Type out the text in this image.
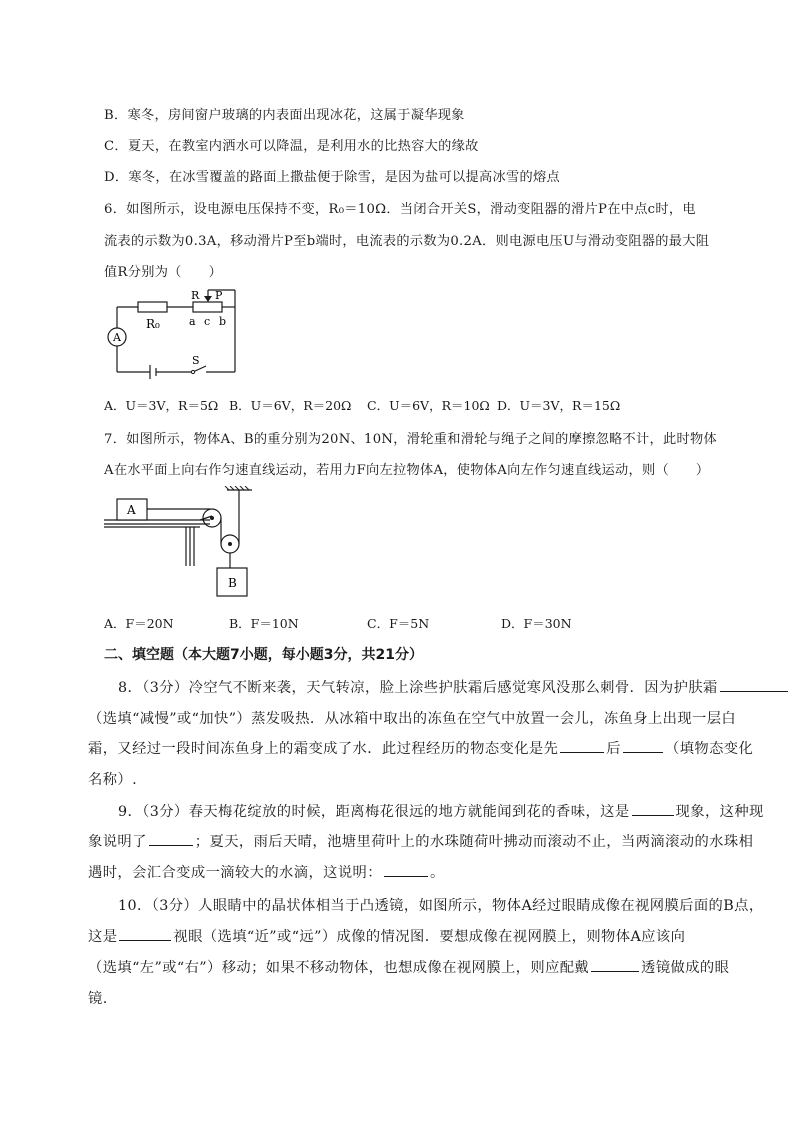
B．寒冬，房间窗户玻璃的内表面出现冰花，这属于凝华现象
C．夏天，在教室内洒水可以降温，是利用水的比热容大的缘故
D．寒冬，在冰雪覆盖的路面上撒盐便于除雪，是因为盐可以提高冰雪的熔点
6．如图所示，设电源电压保持不变，R₀＝10Ω．当闭合开关S，滑动变阻器的滑片P在中点c时，电
流表的示数为0.3A，移动滑片P至b端时，电流表的示数为0.2A．则电源电压U与滑动变阻器的最大阻
值R分别为（　　）
A
R₀
R P
a c b
S
A．U＝3V，R＝5Ω B．U＝6V，R＝20Ω C．U＝6V，R＝10Ω D．U＝3V，R＝15Ω
7．如图所示，物体A、B的重分别为20N、10N，滑轮重和滑轮与绳子之间的摩擦忽略不计，此时物体
A在水平面上向右作匀速直线运动，若用力F向左拉物体A，使物体A向左作匀速直线运动，则（　　）
A
B
A．F＝20N	B．F＝10N	C．F＝5N	D．F＝30N
二、填空题（本大题7小题，每小题3分，共21分）
8．（3分）冷空气不断来袭，天气转凉，脸上涂些护肤霜后感觉寒风没那么刺骨．因为护肤霜
（选填“减慢”或“加快”）蒸发吸热．从冰箱中取出的冻鱼在空气中放置一会儿，冻鱼身上出现一层白
霜，又经过一段时间冻鱼身上的霜变成了水．此过程经历的物态变化是先	后	（填物态变化
名称）.
9．（3分）春天梅花绽放的时候，距离梅花很远的地方就能闻到花的香味，这是	现象，这种现
象说明了	；夏天，雨后天晴，池塘里荷叶上的水珠随荷叶拂动而滚动不止，当两滴滚动的水珠相
遇时，会汇合变成一滴较大的水滴，这说明：	。
10．（3分）人眼睛中的晶状体相当于凸透镜，如图所示，物体A经过眼睛成像在视网膜后面的B点，
这是	视眼（选填“近”或“远”）成像的情况图．要想成像在视网膜上，则物体A应该向
（选填“左”或“右”）移动；如果不移动物体，也想成像在视网膜上，则应配戴	透镜做成的眼
镜.
